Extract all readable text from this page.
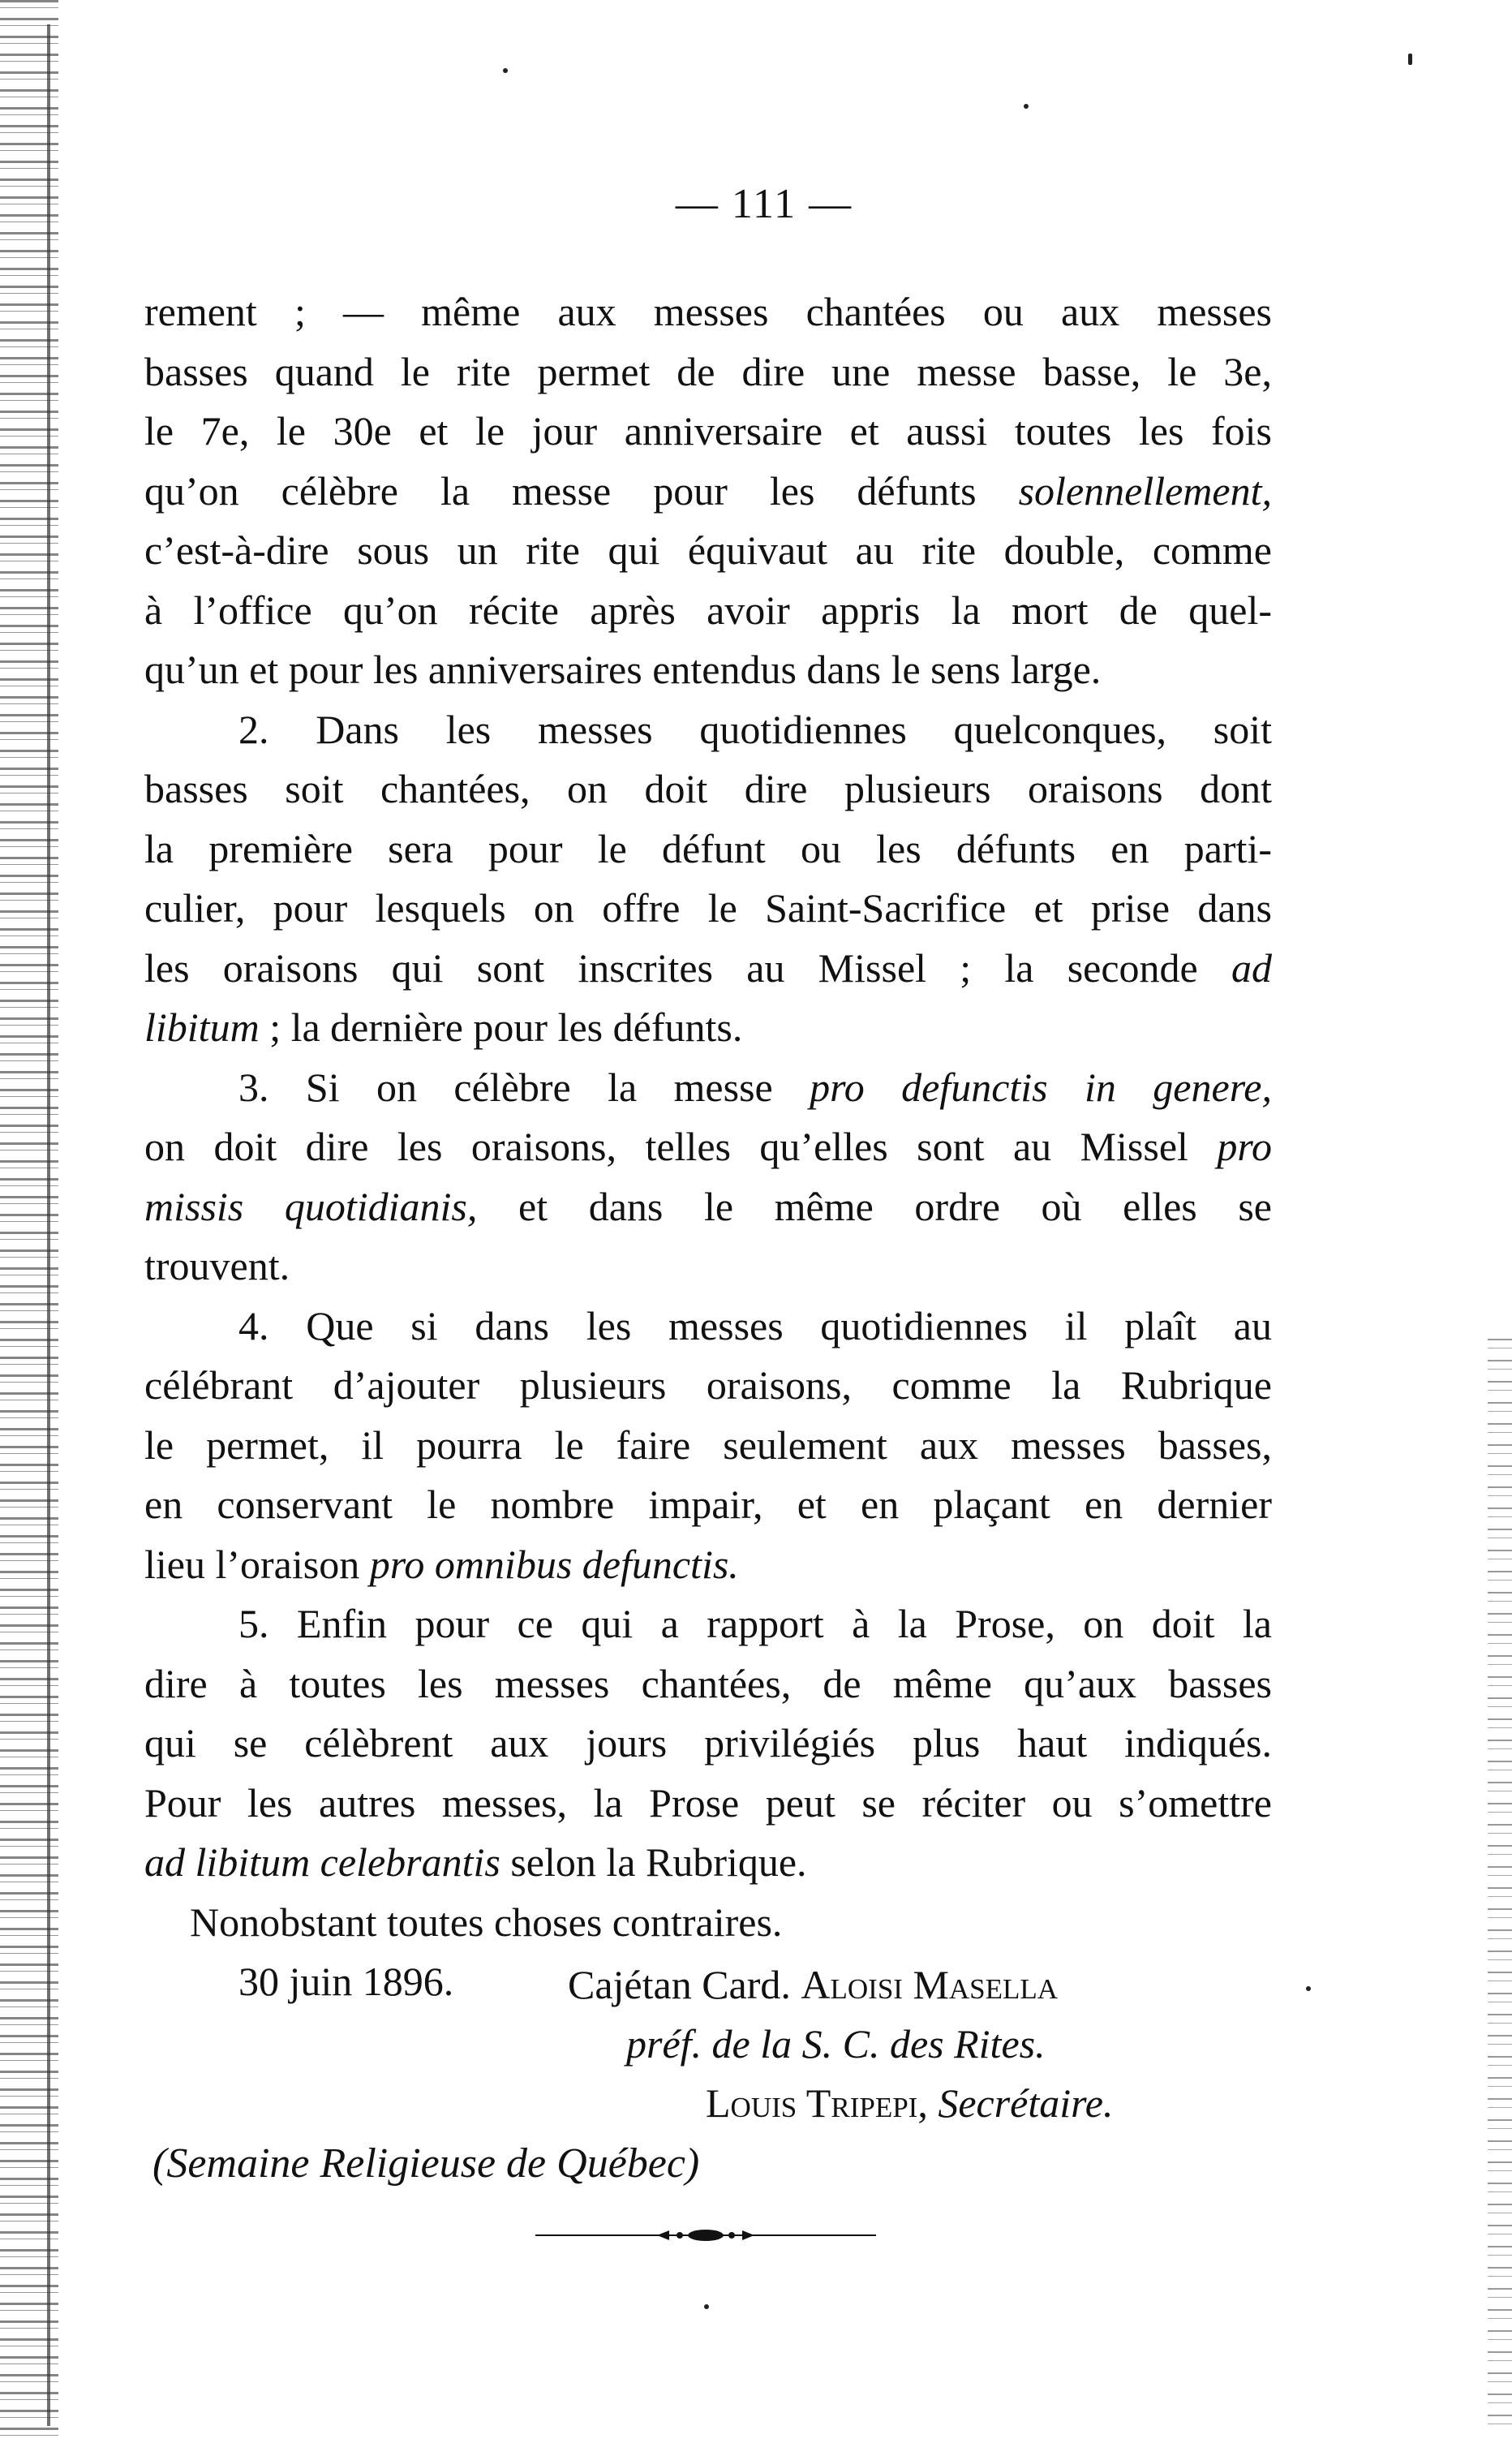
— 111 —
rement ; — même aux messes chantées ou aux messes
basses quand le rite permet de dire une messe basse, le 3e,
le 7e, le 30e et le jour anniversaire et aussi toutes les fois
qu’on célèbre la messe pour les défunts solennellement,
c’est-à-dire sous un rite qui équivaut au rite double, comme
à l’office qu’on récite après avoir appris la mort de quel-
qu’un et pour les anniversaires entendus dans le sens large.
2. Dans les messes quotidiennes quelconques, soit
basses soit chantées, on doit dire plusieurs oraisons dont
la première sera pour le défunt ou les défunts en parti-
culier, pour lesquels on offre le Saint-Sacrifice et prise dans
les oraisons qui sont inscrites au Missel ; la seconde ad
libitum ; la dernière pour les défunts.
3. Si on célèbre la messe pro defunctis in genere,
on doit dire les oraisons, telles qu’elles sont au Missel pro
missis quotidianis, et dans le même ordre où elles se
trouvent.
4. Que si dans les messes quotidiennes il plaît au
célébrant d’ajouter plusieurs oraisons, comme la Rubrique
le permet, il pourra le faire seulement aux messes basses,
en conservant le nombre impair, et en plaçant en dernier
lieu l’oraison pro omnibus defunctis.
5. Enfin pour ce qui a rapport à la Prose, on doit la
dire à toutes les messes chantées, de même qu’aux basses
qui se célèbrent aux jours privilégiés plus haut indiqués.
Pour les autres messes, la Prose peut se réciter ou s’omettre
ad libitum celebrantis selon la Rubrique.
Nonobstant toutes choses contraires.
30 juin 1896.	Cajétan Card. Aloisi Masella
préf. de la S. C. des Rites.
Louis Tripepi, Secrétaire.
(Semaine Religieuse de Québec)
